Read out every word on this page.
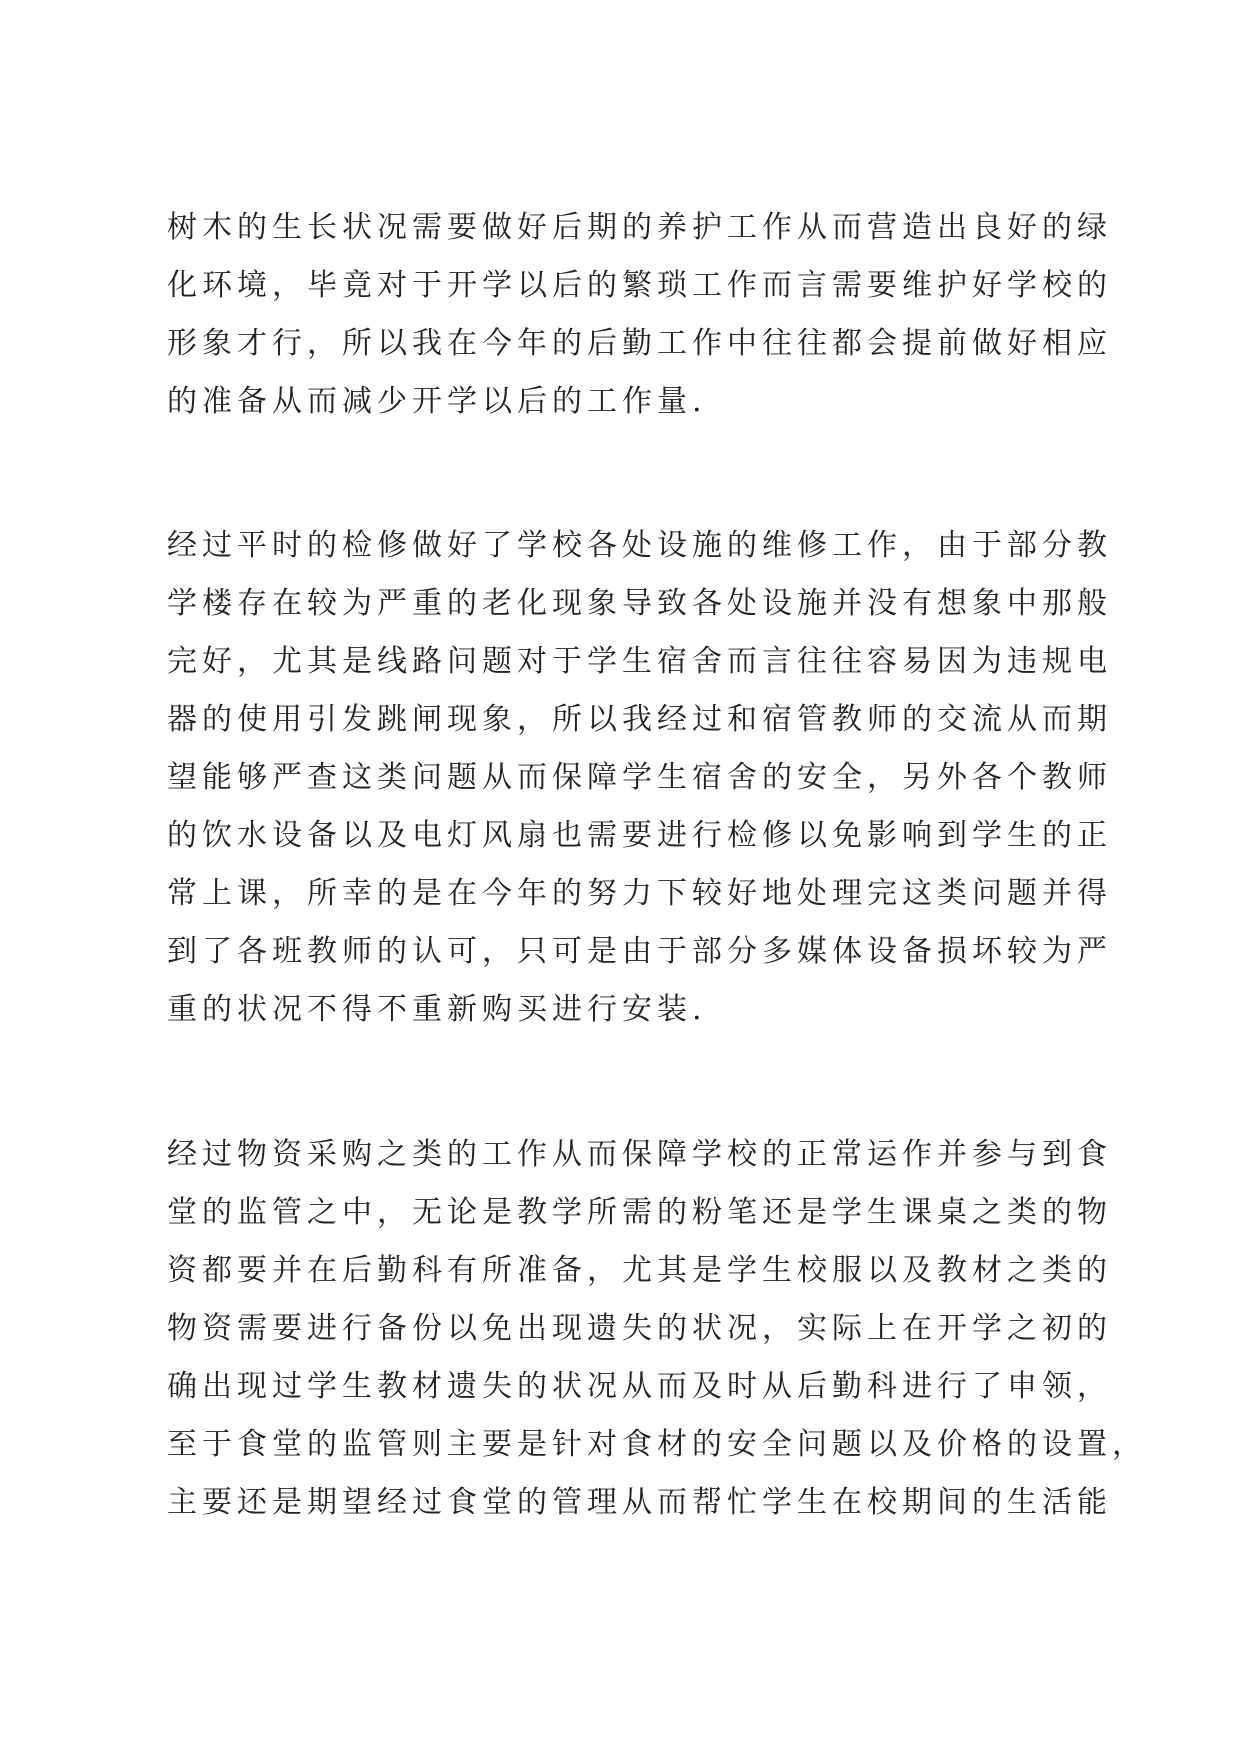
树木的生长状况需要做好后期的养护工作从而营造出良好的绿
化环境，毕竟对于开学以后的繁琐工作而言需要维护好学校的
形象才行，所以我在今年的后勤工作中往往都会提前做好相应
的准备从而减少开学以后的工作量.
经过平时的检修做好了学校各处设施的维修工作，由于部分教
学楼存在较为严重的老化现象导致各处设施并没有想象中那般
完好，尤其是线路问题对于学生宿舍而言往往容易因为违规电
器的使用引发跳闸现象，所以我经过和宿管教师的交流从而期
望能够严查这类问题从而保障学生宿舍的安全，另外各个教师
的饮水设备以及电灯风扇也需要进行检修以免影响到学生的正
常上课，所幸的是在今年的努力下较好地处理完这类问题并得
到了各班教师的认可，只可是由于部分多媒体设备损坏较为严
重的状况不得不重新购买进行安装.
经过物资采购之类的工作从而保障学校的正常运作并参与到食
堂的监管之中，无论是教学所需的粉笔还是学生课桌之类的物
资都要并在后勤科有所准备，尤其是学生校服以及教材之类的
物资需要进行备份以免出现遗失的状况，实际上在开学之初的
确出现过学生教材遗失的状况从而及时从后勤科进行了申领，
至于食堂的监管则主要是针对食材的安全问题以及价格的设置，
主要还是期望经过食堂的管理从而帮忙学生在校期间的生活能
